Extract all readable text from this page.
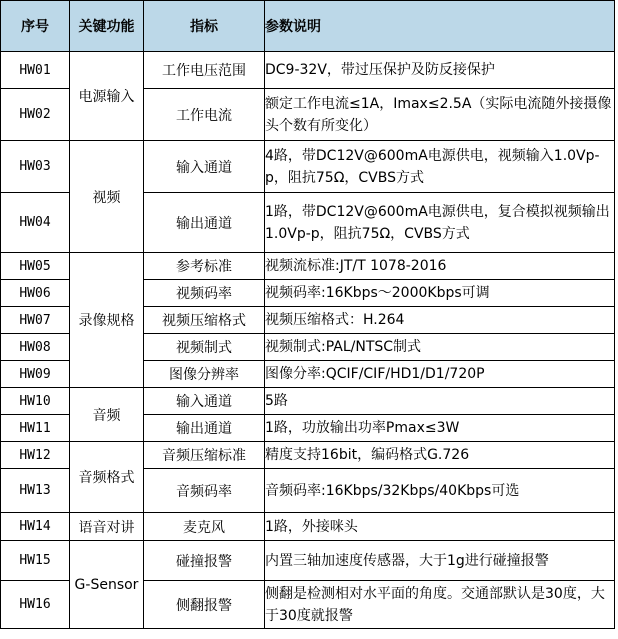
序号	关键功能	指标	参数说明
HW01	电源输入	工作电压范围	DC9-32V，带过压保护及防反接保护
HW02		工作电流	额定工作电流≤1A，Imax≤2.5A（实际电流随外接摄像头个数有所变化）
HW03	视频	输入通道	4路，带DC12V@600mA电源供电，视频输入1.0Vp-p，阻抗75Ω，CVBS方式
HW04		输出通道	1路，带DC12V@600mA电源供电，复合模拟视频输出1.0Vp-p，阻抗75Ω，CVBS方式
HW05	录像规格	参考标准	视频流标准:JT/T 1078-2016
HW06		视频码率	视频码率:16Kbps～2000Kbps可调
HW07		视频压缩格式	视频压缩格式：H.264
HW08		视频制式	视频制式:PAL/NTSC制式
HW09		图像分辨率	图像分率:QCIF/CIF/HD1/D1/720P
HW10	音频	输入通道	5路
HW11		输出通道	1路，功放输出功率Pmax≤3W
HW12	音频格式	音频压缩标准	精度支持16bit，编码格式G.726
HW13		音频码率	音频码率:16Kbps/32Kbps/40Kbps可选
HW14	语音对讲	麦克风	1路，外接咪头
HW15	G-Sensor	碰撞报警	内置三轴加速度传感器，大于1g进行碰撞报警
HW16		侧翻报警	侧翻是检测相对水平面的角度。交通部默认是30度，大于30度就报警
